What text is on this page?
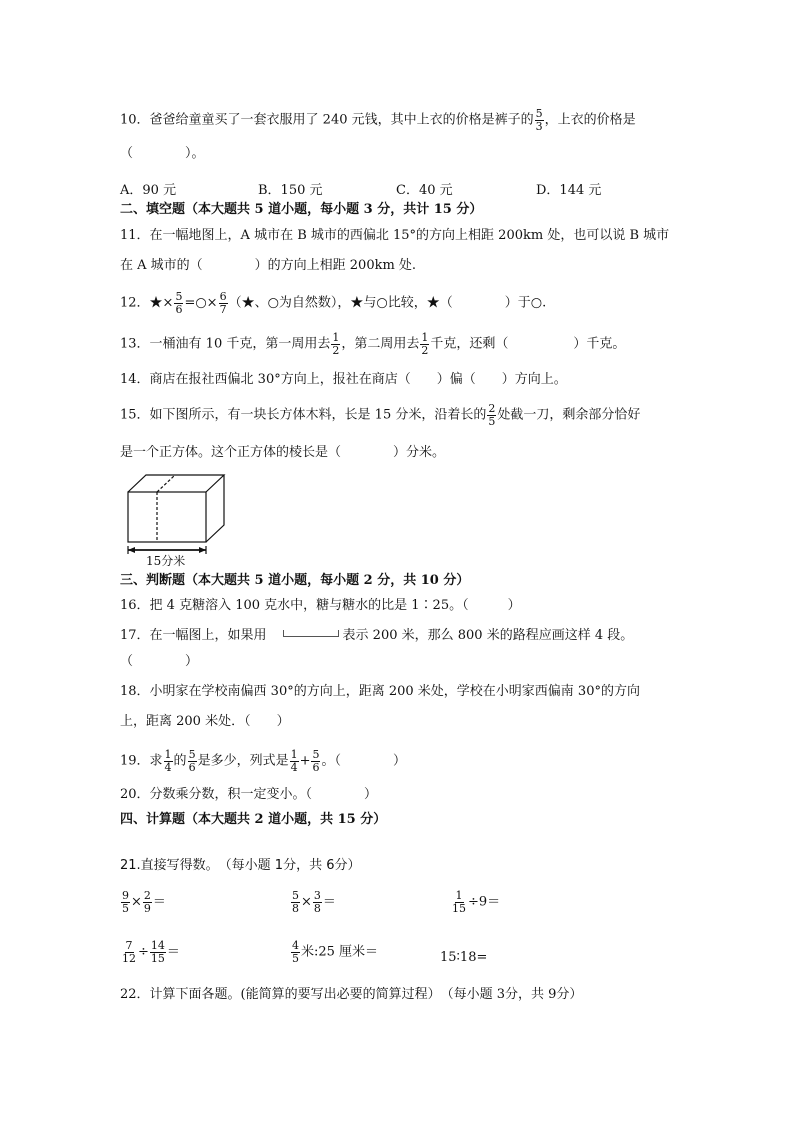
10．爸爸给童童买了一套衣服用了 240 元钱，其中上衣的价格是裤子的 $\frac{5}{3}$ ，上衣的价格是
（　　　　）。
A．90 元	B．150 元	C．40 元	D．144 元
二、填空题（本大题共 5 道小题，每小题 3 分，共计 15 分）
11．在一幅地图上，A 城市在 B 城市的西偏北 15°的方向上相距 200km 处，也可以说 B 城市
在 A 城市的（　　　　）的方向上相距 200km 处.
12．★× $\frac{5}{6}$ =○× $\frac{6}{7}$ （★、○为自然数），★与○比较，★（　　　　）于○.
13．一桶油有 10 千克，第一周用去 $\frac{1}{2}$ ，第二周用去 $\frac{1}{2}$ 千克，还剩（　　　　　）千克。
14．商店在报社西偏北 30°方向上，报社在商店（　　）偏（　　）方向上。
15．如下图所示，有一块长方体木料，长是 15 分米，沿着长的 $\frac{2}{5}$ 处截一刀，剩余部分恰好
是一个正方体。这个正方体的棱长是（　　　　）分米。
15分米
三、判断题（本大题共 5 道小题，每小题 2 分，共 10 分）
16．把 4 克糖溶入 100 克水中，糖与糖水的比是 1∶25。（　　　）
17．在一幅图上，如果用	表示 200 米，那么 800 米的路程应画这样 4 段。
（　　　　）
18．小明家在学校南偏西 30°的方向上，距离 200 米处，学校在小明家西偏南 30°的方向
上，距离 200 米处．（　　）
19．求 $\frac{1}{4}$ 的 $\frac{5}{6}$ 是多少，列式是 $\frac{1}{4} + \frac{5}{6}$ 。（　　　　）
20．分数乘分数，积一定变小。（　　　　）
四、计算题（本大题共 2 道小题，共 15 分）
21.直接写得数。　（每小题 1分，共 6分）
$\frac{9}{5} \times \frac{2}{9}$ ＝	$\frac{5}{8} \times \frac{3}{8}$ ＝	$\frac{1}{15} \div 9=$
$\frac{7}{12} \div \frac{14}{15}$ ＝	$\frac{4}{5}$ 米:25 厘米＝	15∶18=
22．计算下面各题。(能简算的要写出必要的简算过程）　（每小题 3分，共 9分）
